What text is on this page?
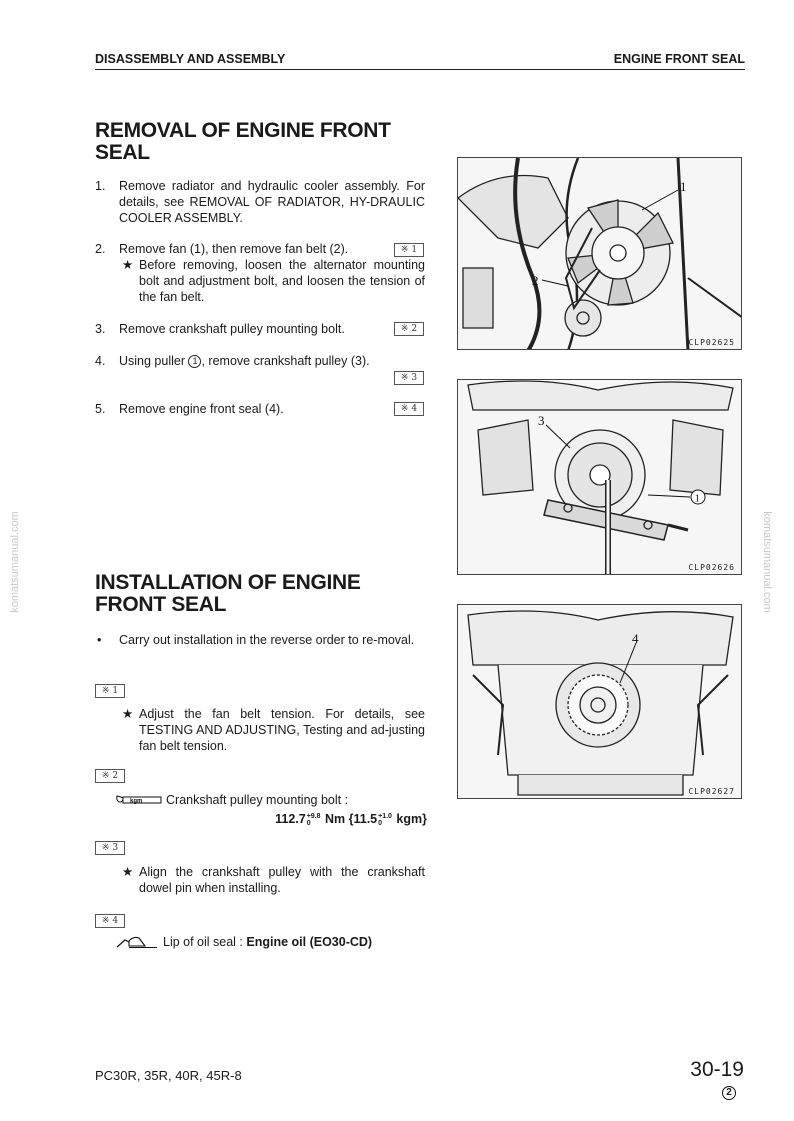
DISASSEMBLY AND ASSEMBLY	ENGINE FRONT SEAL
REMOVAL OF ENGINE FRONT
SEAL
1. Remove radiator and hydraulic cooler assembly. For details, see REMOVAL OF RADIATOR, HY-DRAULIC COOLER ASSEMBLY.
2. Remove fan (1), then remove fan belt (2).
★ Before removing, loosen the alternator mounting bolt and adjustment bolt, and loosen the tension of the fan belt.
※ 1
3. Remove crankshaft pulley mounting bolt.	※ 2
4. Using puller 1 , remove crankshaft pulley (3).
※ 3
5. Remove engine front seal (4).	※ 4
INSTALLATION OF ENGINE
FRONT SEAL
• Carry out installation in the reverse order to re-moval.
※ 1
★ Adjust the fan belt tension. For details, see TESTING AND ADJUSTING, Testing and ad-justing fan belt tension.
※ 2
kgm Crankshaft pulley mounting bolt :
112.7 +9.8
0 Nm {11.5 +1.0
0 kgm}
※ 3
★ Align the crankshaft pulley with the crankshaft dowel pin when installing.
※ 4
Lip of oil seal : Engine oil (EO30-CD)
1
2
CLP02625
3
1
CLP02626
4
CLP02627
komatsumanual.com	komatsumanual.com
PC30R, 35R, 40R, 45R-8	30-19
2
